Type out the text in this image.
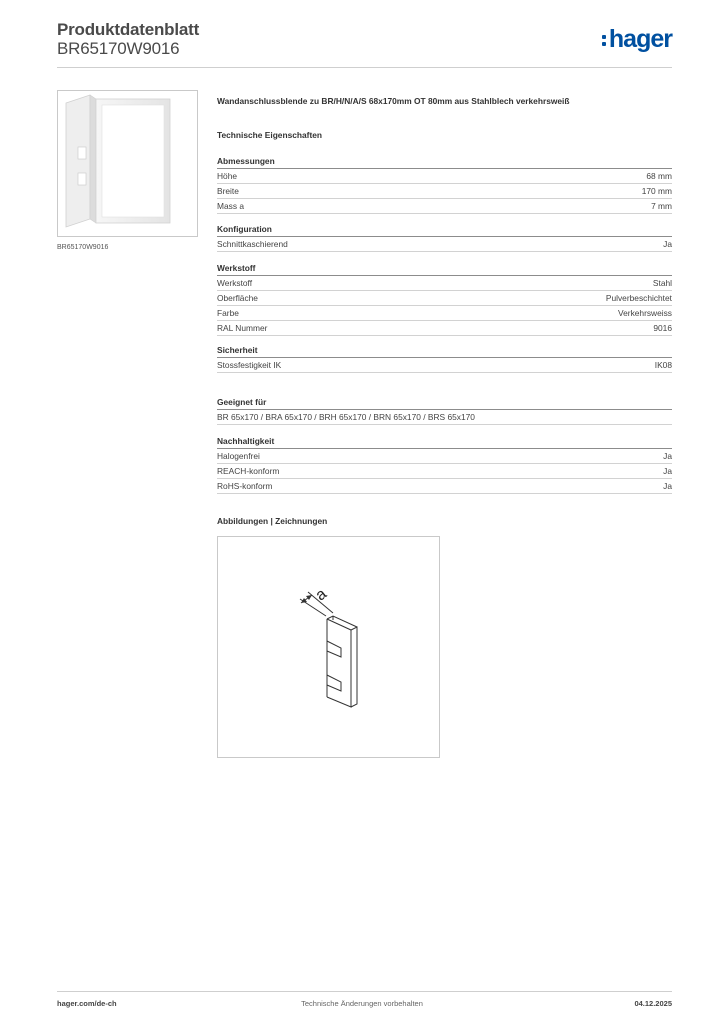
Produktdatenblatt
BR65170W9016	hager
BR65170W9016
Wandanschlussblende zu BR/H/N/A/S 68x170mm OT 80mm aus Stahlblech verkehrsweiß
Technische Eigenschaften
Abmessungen
Höhe	68 mm
Breite	170 mm
Mass a	7 mm
Konfiguration
Schnittkaschierend	Ja
Werkstoff
Werkstoff	Stahl
Oberfläche	Pulverbeschichtet
Farbe	Verkehrsweiss
RAL Nummer	9016
Sicherheit
Stossfestigkeit IK	IK08
Geeignet für
BR 65x170 / BRA 65x170 / BRH 65x170 / BRN 65x170 / BRS 65x170
Nachhaltigkeit
Halogenfrei	Ja
REACH-konform	Ja
RoHS-konform	Ja
Abbildungen | Zeichnungen
a
hager.com/de-ch	Technische Änderungen vorbehalten	04.12.2025
